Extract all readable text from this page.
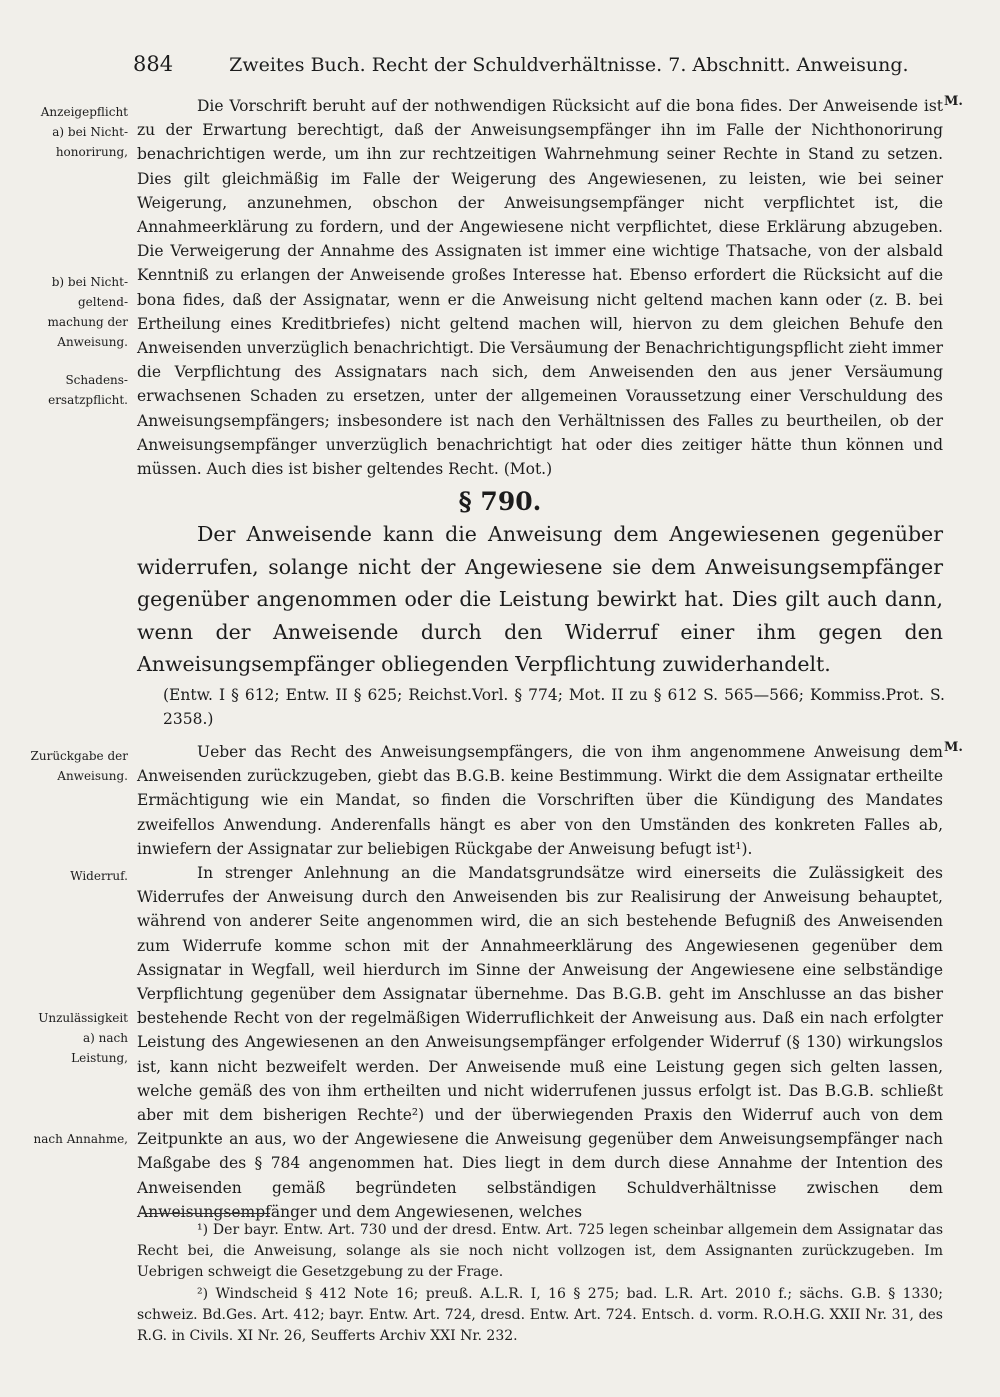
884	Zweites Buch. Recht der Schuldverhältnisse. 7. Abschnitt. Anweisung.
Anzeigepflicht
a) bei Nicht-
honorirung,
b) bei Nicht-
geltend-
machung der
Anweisung.
Schadens-
ersatzpflicht.
Zurückgabe der
Anweisung.
Widerruf.
Unzulässigkeit
a) nach
Leistung,
nach Annahme,
M.
M.

Die Vorschrift beruht auf der nothwendigen Rücksicht auf die bona fides. Der Anweisende ist zu der Erwartung berechtigt, daß der Anweisungsempfänger ihn im Falle der Nichthonorirung benachrichtigen werde, um ihn zur rechtzeitigen Wahrnehmung seiner Rechte in Stand zu setzen. Dies gilt gleichmäßig im Falle der Weigerung des Angewiesenen, zu leisten, wie bei seiner Weigerung, anzunehmen, obschon der Anweisungsempfänger nicht verpflichtet ist, die Annahmeerklärung zu fordern, und der Angewiesene nicht verpflichtet, diese Erklärung abzugeben. Die Verweigerung der Annahme des Assignaten ist immer eine wichtige Thatsache, von der alsbald Kenntniß zu erlangen der Anweisende großes Interesse hat. Ebenso erfordert die Rücksicht auf die bona fides, daß der Assignatar, wenn er die Anweisung nicht geltend machen kann oder (z. B. bei Ertheilung eines Kreditbriefes) nicht geltend machen will, hiervon zu dem gleichen Behufe den Anweisenden unverzüglich benachrichtigt. Die Versäumung der Benachrichtigungspflicht zieht immer die Verpflichtung des Assignatars nach sich, dem Anweisenden den aus jener Versäumung erwachsenen Schaden zu ersetzen, unter der allgemeinen Voraussetzung einer Verschuldung des Anweisungsempfängers; insbesondere ist nach den Verhältnissen des Falles zu beurtheilen, ob der Anweisungsempfänger unverzüglich benachrichtigt hat oder dies zeitiger hätte thun können und müssen. Auch dies ist bisher geltendes Recht. (Mot.)

§ 790.

Der Anweisende kann die Anweisung dem Angewiesenen gegenüber widerrufen, solange nicht der Angewiesene sie dem Anweisungsempfänger gegenüber angenommen oder die Leistung bewirkt hat. Dies gilt auch dann, wenn der Anweisende durch den Widerruf einer ihm gegen den Anweisungsempfänger obliegenden Verpflichtung zuwiderhandelt.

(Entw. I § 612; Entw. II § 625; Reichst.Vorl. § 774; Mot. II zu § 612 S. 565—566; Kommiss.Prot. S. 2358.)

Ueber das Recht des Anweisungsempfängers, die von ihm angenommene Anweisung dem Anweisenden zurückzugeben, giebt das B.G.B. keine Bestimmung. Wirkt die dem Assignatar ertheilte Ermächtigung wie ein Mandat, so finden die Vorschriften über die Kündigung des Mandates zweifellos Anwendung. Anderenfalls hängt es aber von den Umständen des konkreten Falles ab, inwiefern der Assignatar zur beliebigen Rückgabe der Anweisung befugt ist¹).

In strenger Anlehnung an die Mandatsgrundsätze wird einerseits die Zulässigkeit des Widerrufes der Anweisung durch den Anweisenden bis zur Realisirung der Anweisung behauptet, während von anderer Seite angenommen wird, die an sich bestehende Befugniß des Anweisenden zum Widerrufe komme schon mit der Annahmeerklärung des Angewiesenen gegenüber dem Assignatar in Wegfall, weil hierdurch im Sinne der Anweisung der Angewiesene eine selbständige Verpflichtung gegenüber dem Assignatar übernehme. Das B.G.B. geht im Anschlusse an das bisher bestehende Recht von der regelmäßigen Widerruflichkeit der Anweisung aus. Daß ein nach erfolgter Leistung des Angewiesenen an den Anweisungsempfänger erfolgender Widerruf (§ 130) wirkungslos ist, kann nicht bezweifelt werden. Der Anweisende muß eine Leistung gegen sich gelten lassen, welche gemäß des von ihm ertheilten und nicht widerrufenen jussus erfolgt ist. Das B.G.B. schließt aber mit dem bisherigen Rechte²) und der überwiegenden Praxis den Widerruf auch von dem Zeitpunkte an aus, wo der Angewiesene die Anweisung gegenüber dem Anweisungsempfänger nach Maßgabe des § 784 angenommen hat. Dies liegt in dem durch diese Annahme der Intention des Anweisenden gemäß begründeten selbständigen Schuldverhältnisse zwischen dem Anweisungsempfänger und dem Angewiesenen, welches

¹) Der bayr. Entw. Art. 730 und der dresd. Entw. Art. 725 legen scheinbar allgemein dem Assignatar das Recht bei, die Anweisung, solange als sie noch nicht vollzogen ist, dem Assignanten zurückzugeben. Im Uebrigen schweigt die Gesetzgebung zu der Frage.

²) Windscheid § 412 Note 16; preuß. A.L.R. I, 16 § 275; bad. L.R. Art. 2010 f.; sächs. G.B. § 1330; schweiz. Bd.Ges. Art. 412; bayr. Entw. Art. 724, dresd. Entw. Art. 724. Entsch. d. vorm. R.O.H.G. XXII Nr. 31, des R.G. in Civils. XI Nr. 26, Seufferts Archiv XXI Nr. 232.
